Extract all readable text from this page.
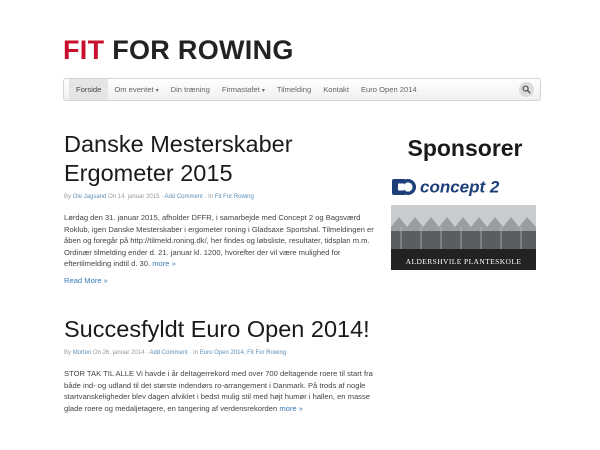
FIT FOR ROWING
Forside	Om eventet ▾	Din træning	Firmastafet ▾	Tilmelding	Kontakt	Euro Open 2014
Danske Mesterskaber Ergometer 2015
By Ole Jagsand On 14. januar 2015 · Add Comment · In Fit For Rowing

Lørdag den 31. januar 2015, afholder DFFR, i samarbejde med Concept 2 og Bagsværd Roklub, igen Danske Mesterskaber i ergometer roning i Gladsaxe Sportshal. Tilmeldingen er åben og foregår på http://tilmeld.roning.dk/, her findes og løbsliste, resultater, tidsplan m.m. Ordinær tilmelding ender d. 21. januar kl. 1200, hvorefter der vil være mulighed for eftertilmelding indtil d. 30. more »

Read More »
Succesfyldt Euro Open 2014!
By Morten On 26. januar 2014 · Add Comment · In Euro Open 2014, Fit For Rowing

STOR TAK TIL ALLE Vi havde i år deltagerrekord med over 700 deltagende roere til start fra både ind- og udland til det største indendørs ro-arrangement i Danmark. På trods af nogle startvanskeligheder blev dagen afviklet i bedst mulig stil med højt humør i hallen, en masse glade roere og medaljetagere, en tangering af verdensrekorden more »

Sponsorer
concept 2
ALDERSHVILE PLANTESKOLE
